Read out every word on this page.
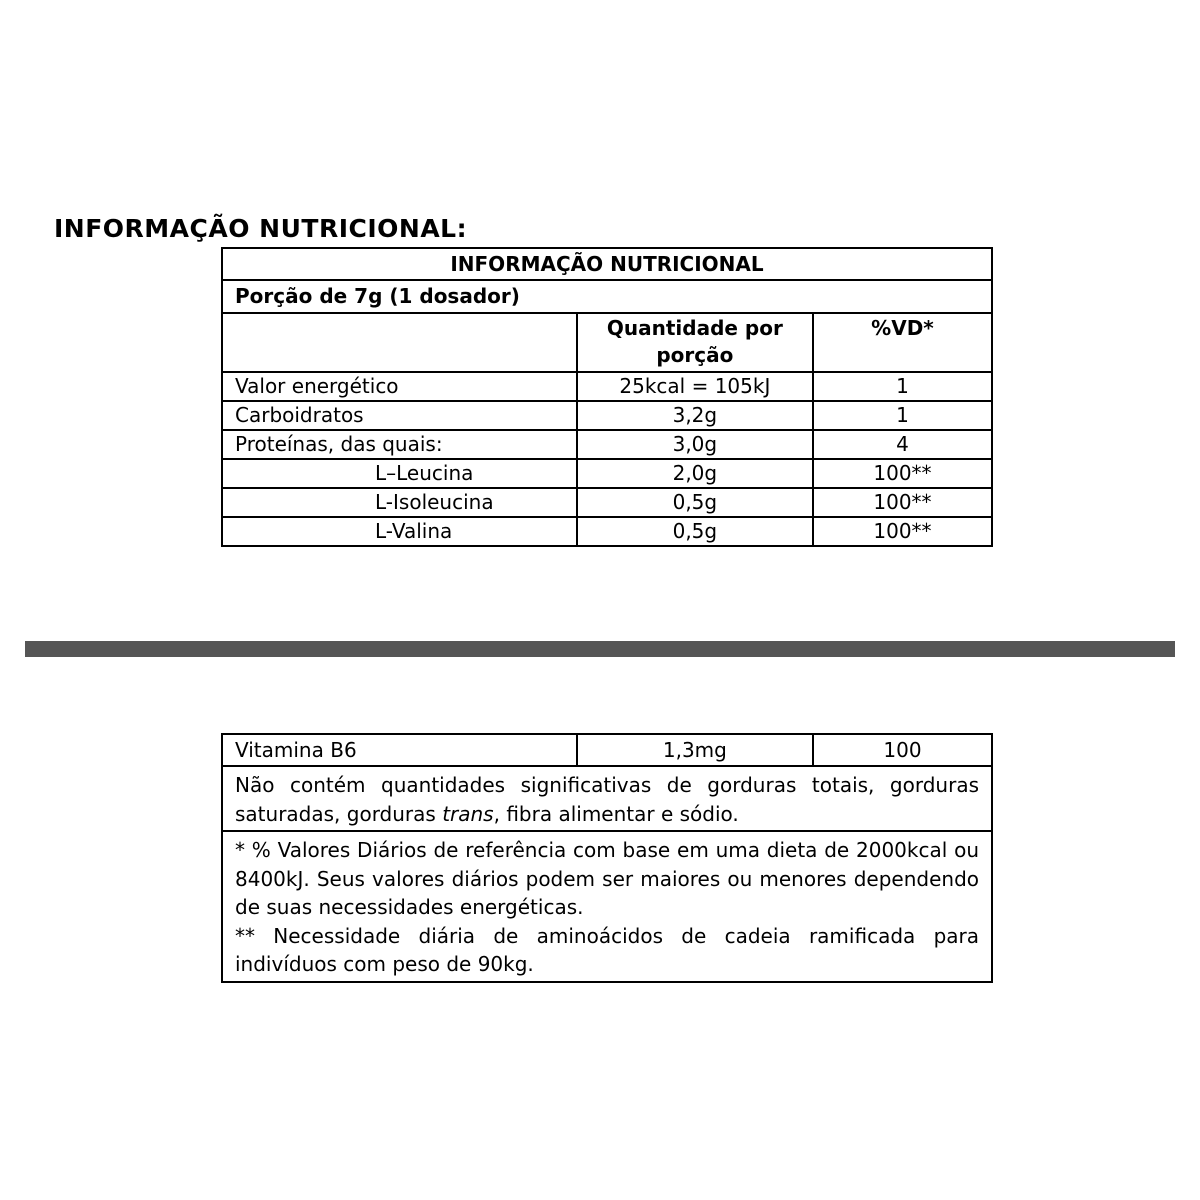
INFORMAÇÃO NUTRICIONAL:
INFORMAÇÃO NUTRICIONAL		
Porção de 7g (1 dosador)		
	Quantidade por porção	%VD*
Valor energético	25kcal = 105kJ	1
Carboidratos	3,2g	1
Proteínas, das quais:	3,0g	4
L–Leucina	2,0g	100**
L-Isoleucina	0,5g	100**
L-Valina	0,5g	100**
Vitamina B6	1,3mg	100

Não contém quantidades significativas de gorduras totais, gorduras saturadas, gorduras trans, fibra alimentar e sódio.

* % Valores Diários de referência com base em uma dieta de 2000kcal ou 8400kJ. Seus valores diários podem ser maiores ou menores dependendo de suas necessidades energéticas.

** Necessidade diária de aminoácidos de cadeia ramificada para indivíduos com peso de 90kg.
